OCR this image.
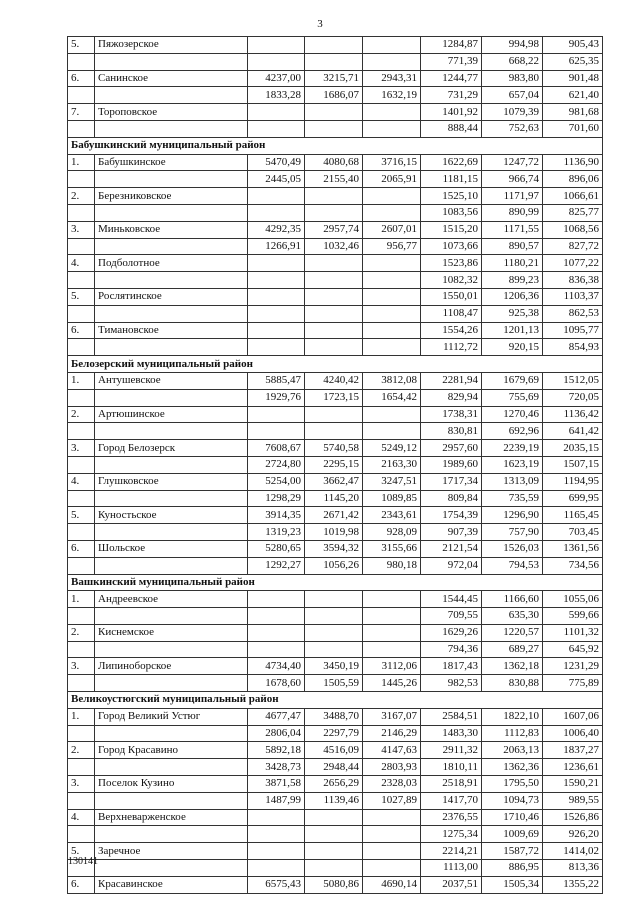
3
5.	Пяжозерское				1284,87	994,98	905,43
					771,39	668,22	625,35
6.	Санинское	4237,00	3215,71	2943,31	1244,77	983,80	901,48
		1833,28	1686,07	1632,19	731,29	657,04	621,40
7.	Тороповское				1401,92	1079,39	981,68
					888,44	752,63	701,60
Бабушкинский муниципальный район							
1.	Бабушкинское	5470,49	4080,68	3716,15	1622,69	1247,72	1136,90
		2445,05	2155,40	2065,91	1181,15	966,74	896,06
2.	Березниковское				1525,10	1171,97	1066,61
					1083,56	890,99	825,77
3.	Миньковское	4292,35	2957,74	2607,01	1515,20	1171,55	1068,56
		1266,91	1032,46	956,77	1073,66	890,57	827,72
4.	Подболотное				1523,86	1180,21	1077,22
					1082,32	899,23	836,38
5.	Рослятинское				1550,01	1206,36	1103,37
					1108,47	925,38	862,53
6.	Тимановское				1554,26	1201,13	1095,77
					1112,72	920,15	854,93
Белозерский муниципальный район							
1.	Антушевское	5885,47	4240,42	3812,08	2281,94	1679,69	1512,05
		1929,76	1723,15	1654,42	829,94	755,69	720,05
2.	Артюшинское				1738,31	1270,46	1136,42
					830,81	692,96	641,42
3.	Город Белозерск	7608,67	5740,58	5249,12	2957,60	2239,19	2035,15
		2724,80	2295,15	2163,30	1989,60	1623,19	1507,15
4.	Глушковское	5254,00	3662,47	3247,51	1717,34	1313,09	1194,95
		1298,29	1145,20	1089,85	809,84	735,59	699,95
5.	Куностьское	3914,35	2671,42	2343,61	1754,39	1296,90	1165,45
		1319,23	1019,98	928,09	907,39	757,90	703,45
6.	Шольское	5280,65	3594,32	3155,66	2121,54	1526,03	1361,56
		1292,27	1056,26	980,18	972,04	794,53	734,56
Вашкинский муниципальный район							
1.	Андреевское				1544,45	1166,60	1055,06
					709,55	635,30	599,66
2.	Киснемское				1629,26	1220,57	1101,32
					794,36	689,27	645,92
3.	Липиноборское	4734,40	3450,19	3112,06	1817,43	1362,18	1231,29
		1678,60	1505,59	1445,26	982,53	830,88	775,89
Великоустюгский муниципальный район							
1.	Город Великий Устюг	4677,47	3488,70	3167,07	2584,51	1822,10	1607,06
		2806,04	2297,79	2146,29	1483,30	1112,83	1006,40
2.	Город Красавино	5892,18	4516,09	4147,63	2911,32	2063,13	1837,27
		3428,73	2948,44	2803,93	1810,11	1362,36	1236,61
3.	Поселок Кузино	3871,58	2656,29	2328,03	2518,91	1795,50	1590,21
		1487,99	1139,46	1027,89	1417,70	1094,73	989,55
4.	Верхневарженское				2376,55	1710,46	1526,86
					1275,34	1009,69	926,20
5.	Заречное				2214,21	1587,72	1414,02
					1113,00	886,95	813,36
6.	Красавинское	6575,43	5080,86	4690,14	2037,51	1505,34	1355,22
130141
